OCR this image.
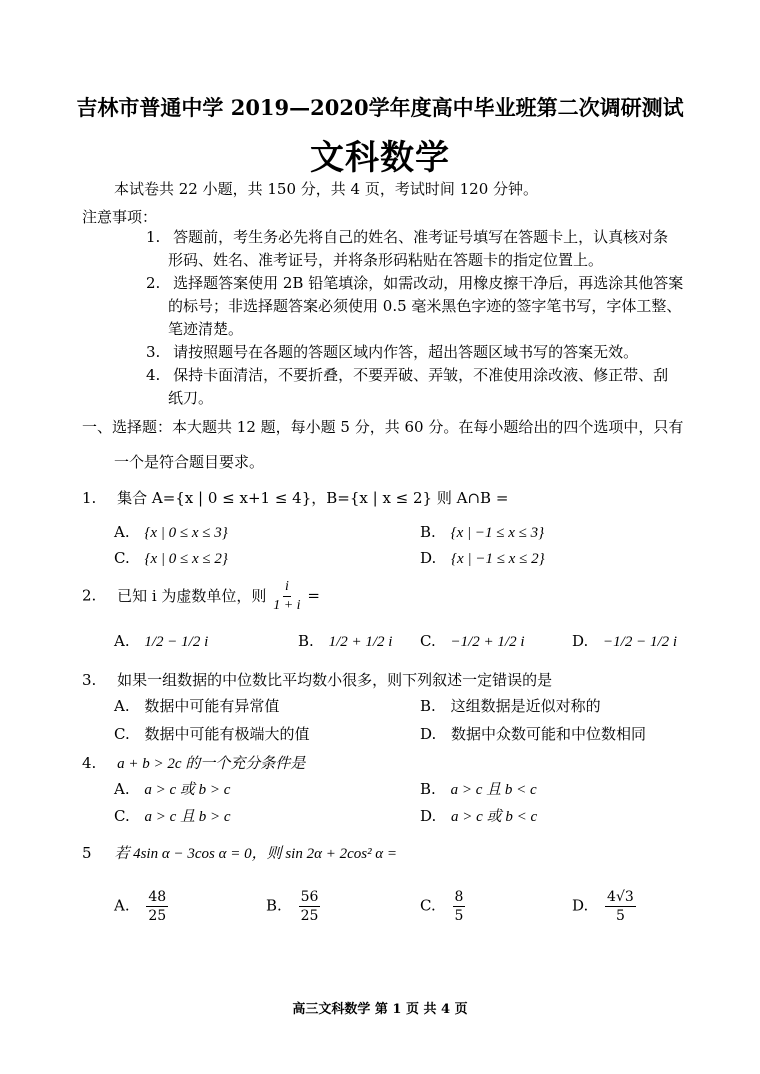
吉林市普通中学 2019—2020学年度高中毕业班第二次调研测试
文科数学
本试卷共 22 小题，共 150 分，共 4 页，考试时间 120 分钟。
注意事项：
1. 答题前，考生务必先将自己的姓名、准考证号填写在答题卡上，认真核对条
形码、姓名、准考证号，并将条形码粘贴在答题卡的指定位置上。
2. 选择题答案使用 2B 铅笔填涂，如需改动，用橡皮擦干净后，再选涂其他答案
的标号；非选择题答案必须使用 0.5 毫米黑色字迹的签字笔书写，字体工整、
笔迹清楚。
3. 请按照题号在各题的答题区域内作答，超出答题区域书写的答案无效。
4. 保持卡面清洁，不要折叠，不要弄破、弄皱，不准使用涂改液、修正带、刮
纸刀。
一、选择题：本大题共 12 题，每小题 5 分，共 60 分。在每小题给出的四个选项中，只有
一个是符合题目要求。
1. 集合 A={x | 0 ≤ x+1 ≤ 4}，B={x | x ≤ 2} 则 A∩B =
A. {x | 0 ≤ x ≤ 3}	B. {x | −1 ≤ x ≤ 3}
C. {x | 0 ≤ x ≤ 2}	D. {x | −1 ≤ x ≤ 2}
2. 已知 i 为虚数单位，则 $\frac{i}{1 + i}$ =
A. 1/2 − 1/2 i	B. 1/2 + 1/2 i C. −1/2 + 1/2 i	D. −1/2 − 1/2 i
3. 如果一组数据的中位数比平均数小很多，则下列叙述一定错误的是
A. 数据中可能有异常值	B. 这组数据是近似对称的
C. 数据中可能有极端大的值	D. 数据中众数可能和中位数相同
4. a + b > 2c 的一个充分条件是
A. a > c 或 b > c	B. a > c 且 b < c
C. a > c 且 b > c	D. a > c 或 b < c
5 若 4sin α − 3cos α = 0，则 sin 2α + 2cos² α =
A. $\frac{48}{25}$	B. $\frac{56}{25}$	C. $\frac{8}{5}$	D. $\frac{4√3}{5}$
高三文科数学 第 1 页 共 4 页
